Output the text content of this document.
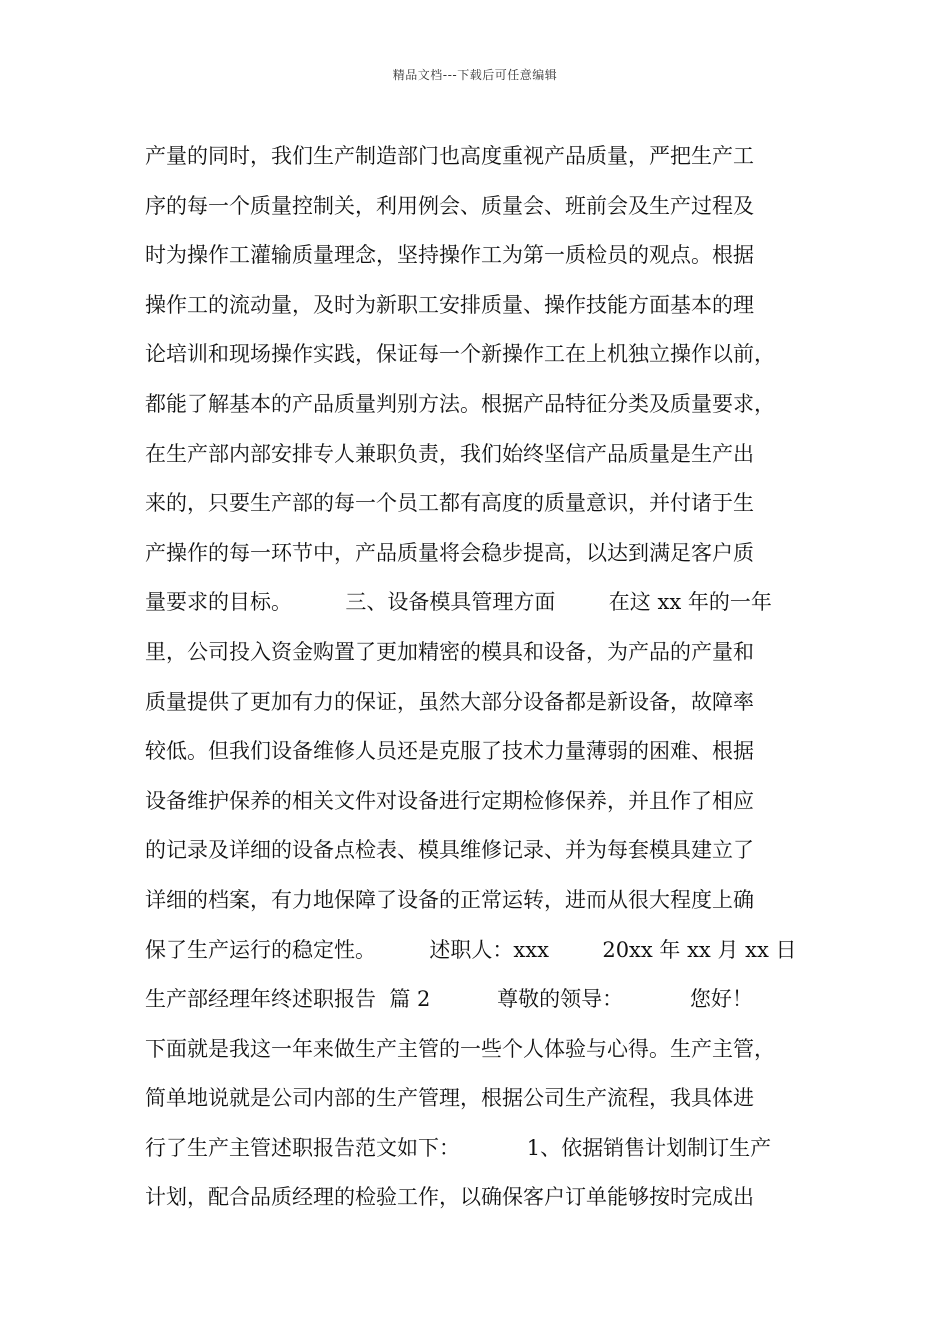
精品文档---下载后可任意编辑
产量的同时，我们生产制造部门也高度重视产品质量，严把生产工
序的每一个质量控制关，利用例会、质量会、班前会及生产过程及
时为操作工灌输质量理念，坚持操作工为第一质检员的观点。根据
操作工的流动量，及时为新职工安排质量、操作技能方面基本的理
论培训和现场操作实践，保证每一个新操作工在上机独立操作以前，
都能了解基本的产品质量判别方法。根据产品特征分类及质量要求，
在生产部内部安排专人兼职负责，我们始终坚信产品质量是生产出
来的，只要生产部的每一个员工都有高度的质量意识，并付诸于生
产操作的每一环节中，产品质量将会稳步提高，以达到满足客户质
量要求的目标。        三、设备模具管理方面        在这 xx 年的一年
里，公司投入资金购置了更加精密的模具和设备，为产品的产量和
质量提供了更加有力的保证，虽然大部分设备都是新设备，故障率
较低。但我们设备维修人员还是克服了技术力量薄弱的困难、根据
设备维护保养的相关文件对设备进行定期检修保养，并且作了相应
的记录及详细的设备点检表、模具维修记录、并为每套模具建立了
详细的档案，有力地保障了设备的正常运转，进而从很大程度上确
保了生产运行的稳定性。        述职人：xxx        20xx 年 xx 月 xx 日
生产部经理年终述职报告  篇 2          尊敬的领导：          您好！
下面就是我这一年来做生产主管的一些个人体验与心得。生产主管，
简单地说就是公司内部的生产管理，根据公司生产流程，我具体进
行了生产主管述职报告范文如下：          1、依据销售计划制订生产
计划，配合品质经理的检验工作，以确保客户订单能够按时完成出
